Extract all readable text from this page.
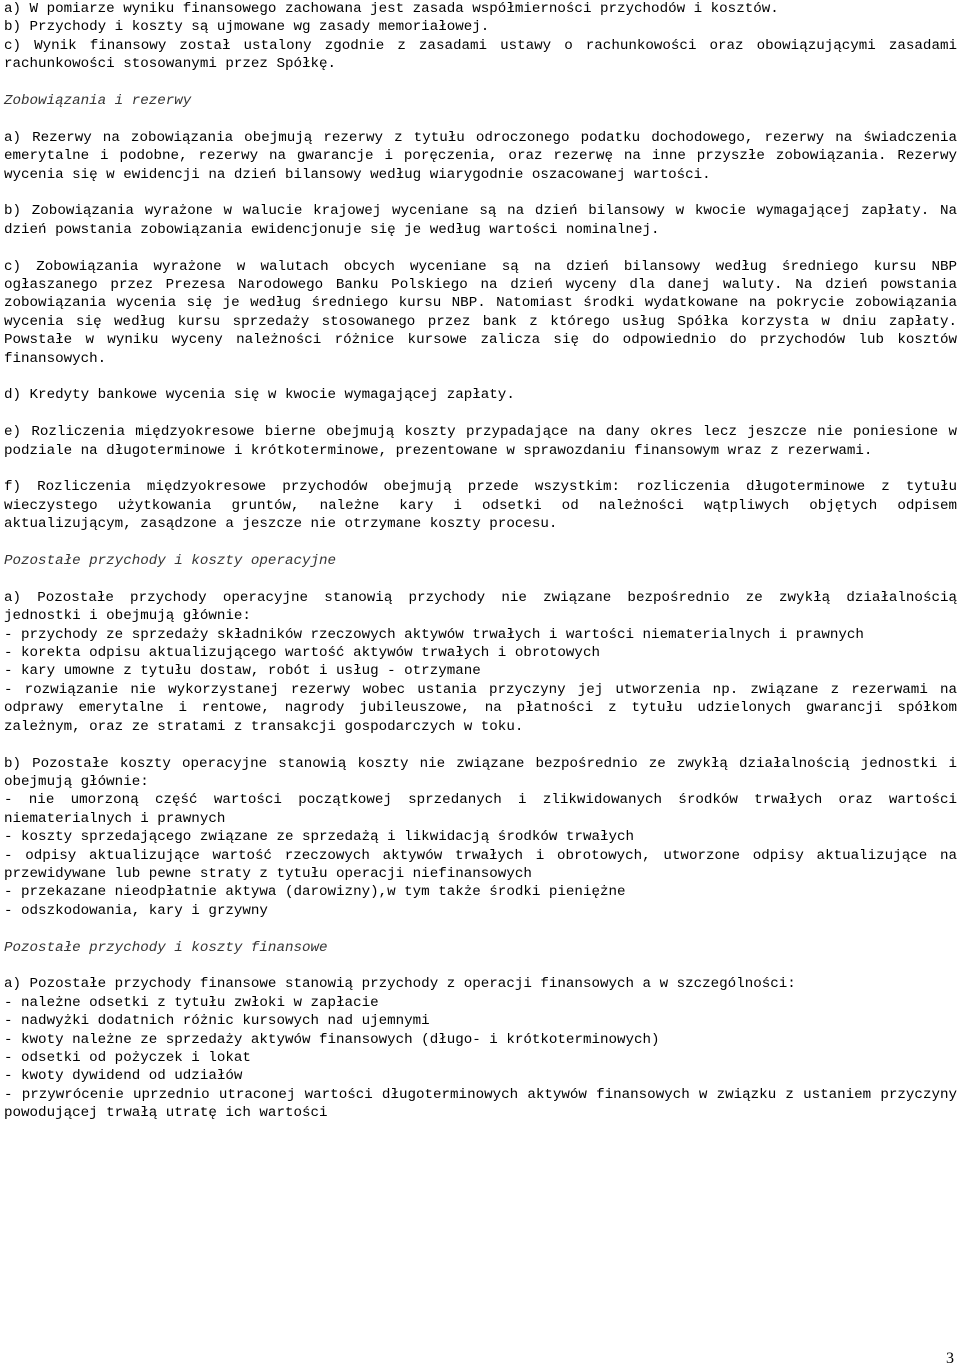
a) W pomiarze wyniku finansowego zachowana jest zasada współmierności przychodów i kosztów.

b) Przychody i koszty są ujmowane wg zasady memoriałowej.

c) Wynik finansowy został ustalony zgodnie z zasadami ustawy o rachunkowości oraz obowiązującymi zasadami rachunkowości stosowanymi przez Spółkę.

Zobowiązania i rezerwy

a) Rezerwy na zobowiązania obejmują rezerwy z tytułu odroczonego podatku dochodowego, rezerwy na świadczenia emerytalne i podobne, rezerwy na gwarancje i poręczenia, oraz rezerwę na inne przyszłe zobowiązania. Rezerwy wycenia się w ewidencji na dzień bilansowy według wiarygodnie oszacowanej wartości.

b) Zobowiązania wyrażone w walucie krajowej wyceniane są na dzień bilansowy w kwocie wymagającej zapłaty. Na dzień powstania zobowiązania ewidencjonuje się je według wartości nominalnej.

c) Zobowiązania wyrażone w walutach obcych wyceniane są na dzień bilansowy według średniego kursu NBP ogłaszanego przez Prezesa Narodowego Banku Polskiego na dzień wyceny dla danej waluty. Na dzień powstania zobowiązania wycenia się je według średniego kursu NBP. Natomiast środki wydatkowane na pokrycie zobowiązania wycenia się według kursu sprzedaży stosowanego przez bank z którego usług Spółka korzysta w dniu zapłaty. Powstałe w wyniku wyceny należności różnice kursowe zalicza się do odpowiednio do przychodów lub kosztów finansowych.

d) Kredyty bankowe wycenia się w kwocie wymagającej zapłaty.

e) Rozliczenia międzyokresowe bierne obejmują koszty przypadające na dany okres lecz jeszcze nie poniesione w podziale na długoterminowe i krótkoterminowe, prezentowane w sprawozdaniu finansowym wraz z rezerwami.

f) Rozliczenia międzyokresowe przychodów obejmują przede wszystkim: rozliczenia długoterminowe z tytułu wieczystego użytkowania gruntów, należne kary i odsetki od należności wątpliwych objętych odpisem aktualizującym, zasądzone a jeszcze nie otrzymane koszty procesu.

Pozostałe przychody i koszty operacyjne

a) Pozostałe przychody operacyjne stanowią przychody nie związane bezpośrednio ze zwykłą działalnością jednostki i obejmują głównie:

- przychody ze sprzedaży składników rzeczowych aktywów trwałych i wartości niematerialnych i prawnych

- korekta odpisu aktualizującego wartość aktywów trwałych i obrotowych

- kary umowne z tytułu dostaw, robót i usług - otrzymane

- rozwiązanie nie wykorzystanej rezerwy wobec ustania przyczyny jej utworzenia np. związane z rezerwami na odprawy emerytalne i rentowe, nagrody jubileuszowe, na płatności z tytułu udzielonych gwarancji spółkom zależnym, oraz ze stratami z transakcji gospodarczych w toku.

b) Pozostałe koszty operacyjne stanowią koszty nie związane bezpośrednio ze zwykłą działalnością jednostki i obejmują głównie:

- nie umorzoną część wartości początkowej sprzedanych i zlikwidowanych środków trwałych oraz wartości niematerialnych i prawnych

- koszty sprzedającego związane ze sprzedażą i likwidacją środków trwałych

- odpisy aktualizujące wartość rzeczowych aktywów trwałych i obrotowych, utworzone odpisy aktualizujące na przewidywane lub pewne straty z tytułu operacji niefinansowych

- przekazane nieodpłatnie aktywa (darowizny),w tym także środki pieniężne

- odszkodowania, kary i grzywny

Pozostałe przychody i koszty finansowe

a) Pozostałe przychody finansowe stanowią przychody z operacji finansowych a w szczególności:

- należne odsetki z tytułu zwłoki w zapłacie

- nadwyżki dodatnich różnic kursowych nad ujemnymi

- kwoty należne ze sprzedaży aktywów finansowych (długo- i krótkoterminowych)

- odsetki od pożyczek i lokat

- kwoty dywidend od udziałów

- przywrócenie uprzednio utraconej wartości długoterminowych aktywów finansowych w związku z ustaniem przyczyny powodującej trwałą utratę ich wartości

3
